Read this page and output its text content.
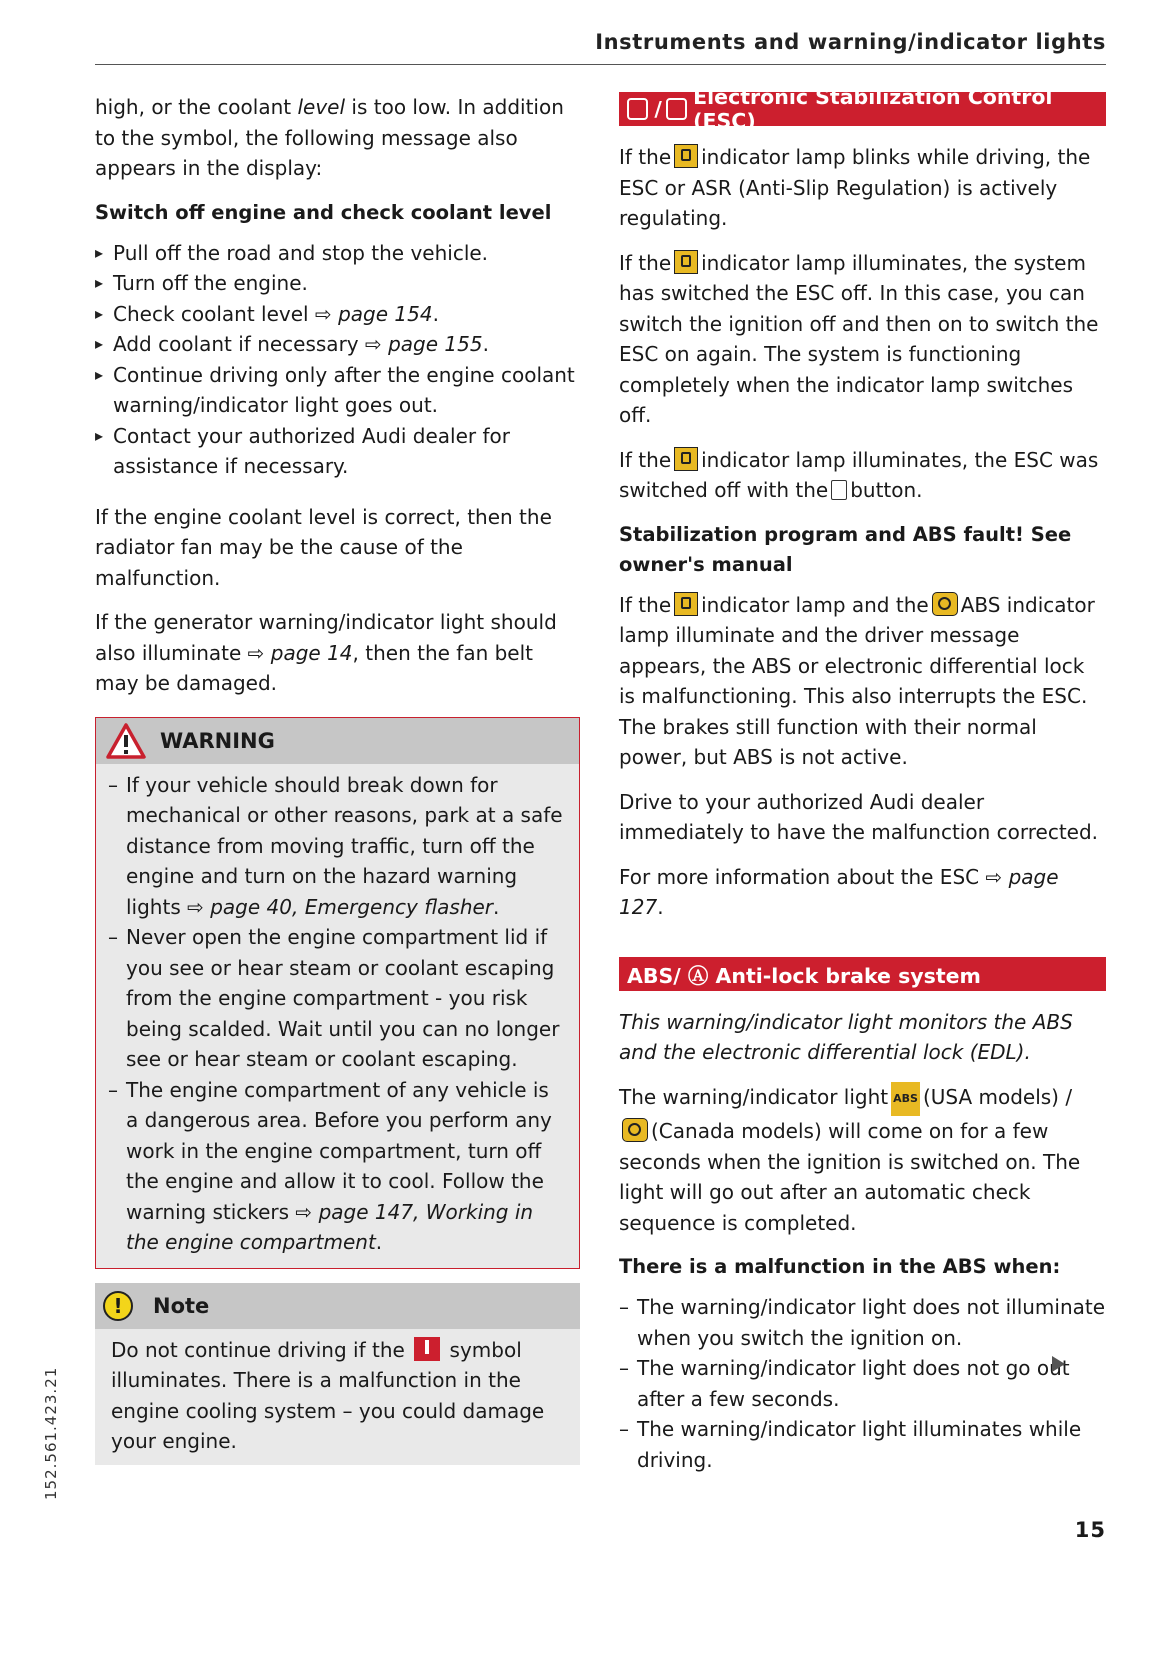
Instruments and warning/indicator lights

high, or the coolant level is too low. In addition to the symbol, the following message also appears in the display:

Switch off engine and check coolant level
▸ Pull off the road and stop the vehicle.
▸ Turn off the engine.
▸ Check coolant level ⇨ page 154.
▸ Add coolant if necessary ⇨ page 155.
▸ Continue driving only after the engine coolant warning/indicator light goes out.
▸ Contact your authorized Audi dealer for assistance if necessary.

If the engine coolant level is correct, then the radiator fan may be the cause of the malfunction.

If the generator warning/indicator light should also illuminate ⇨ page 14, then the fan belt may be damaged.

WARNING
– If your vehicle should break down for mechanical or other reasons, park at a safe distance from moving traffic, turn off the engine and turn on the hazard warning lights ⇨ page 40, Emergency flasher.
– Never open the engine compartment lid if you see or hear steam or coolant escaping from the engine compartment - you risk being scalded. Wait until you can no longer see or hear steam or coolant escaping.
– The engine compartment of any vehicle is a dangerous area. Before you perform any work in the engine compartment, turn off the engine and allow it to cool. Follow the warning stickers ⇨ page 147, Working in the engine compartment.
!	Note

Do not continue driving if the symbol illuminates. There is a malfunction in the engine cooling system – you could damage your engine.

/ Electronic Stabilization Control (ESC)

If the indicator lamp blinks while driving, the ESC or ASR (Anti-Slip Regulation) is actively regulating.

If the indicator lamp illuminates, the system has switched the ESC off. In this case, you can switch the ignition off and then on to switch the ESC on again. The system is functioning completely when the indicator lamp switches off.

If the indicator lamp illuminates, the ESC was switched off with the button.

Stabilization program and ABS fault! See owner's manual

If the indicator lamp and the ABS indicator lamp illuminate and the driver message appears, the ABS or electronic differential lock is malfunctioning. This also interrupts the ESC. The brakes still function with their normal power, but ABS is not active.

Drive to your authorized Audi dealer immediately to have the malfunction corrected.

For more information about the ESC ⇨ page 127.

ABS/ Ⓐ Anti-lock brake system

This warning/indicator light monitors the ABS and the electronic differential lock (EDL).

The warning/indicator light ABS (USA models) / (Canada models) will come on for a few seconds when the ignition is switched on. The light will go out after an automatic check sequence is completed.

There is a malfunction in the ABS when:
– The warning/indicator light does not illuminate when you switch the ignition on.
– The warning/indicator light does not go out after a few seconds.
– The warning/indicator light illuminates while driving.
152.561.423.21
15
